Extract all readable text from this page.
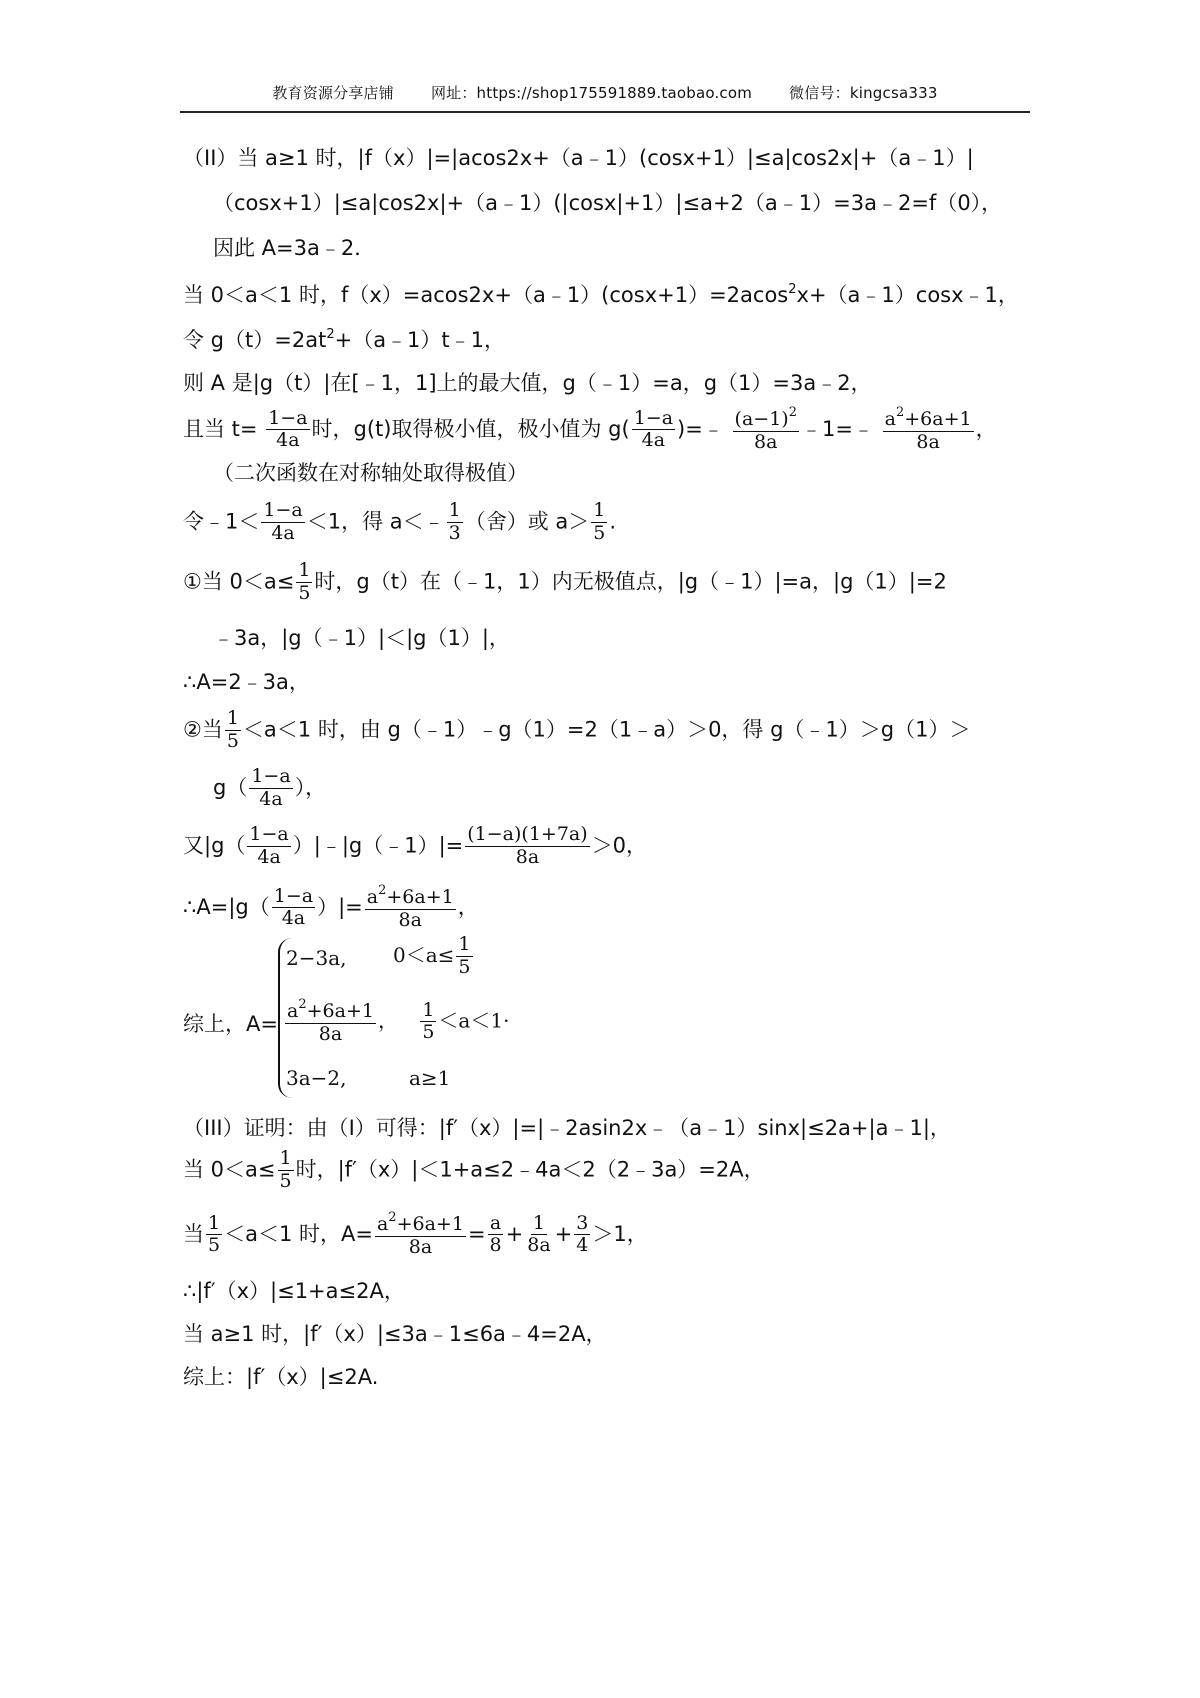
教育资源分享店铺 网址：https://shop175591889.taobao.com 微信号：kingcsa333
（II）当 a≥1 时，|f（x）|=|acos2x+（a﹣1）(cosx+1）|≤a|cos2x|+（a﹣1）|
（cosx+1）|≤a|cos2x|+（a﹣1）(|cosx|+1）|≤a+2（a﹣1）=3a﹣2=f（0），
因此 A=3a﹣2．
当 0＜a＜1 时，f（x）=acos2x+（a﹣1）(cosx+1）=2acos$^2$x+（a﹣1）cosx﹣1，
令 $g(t)=2at^2+(a﹣1)t﹣1$，
则 A 是|g（t）|在[﹣1，1]上的最大值，g（﹣1）=a，g（1）=3a﹣2，
且当 $t= \frac{1-a}{4a}$ 时，g(t)取得极小值，极小值为 $g( \frac{1-a}{4a}$ )=﹣ $\frac{(a-1)^2}{8a}$ ﹣1=﹣ $\frac{a^2+6a+1}{8a}$ ，
（二次函数在对称轴处取得极值）
令﹣1＜ $\frac{1-a}{4a} <1$，得 a＜﹣ $\frac{1}{3}$ （舍）或 $a> \frac{1}{5}$ .
①当 $0<a\le \frac{1}{5}$ 时，g（t）在（﹣1，1）内无极值点，|g（﹣1）|=a，|g（1）|=2
﹣3a，|g（﹣1）|＜|g（1）|，
∴A=2﹣3a，
②当 $\frac{1}{5} <a<1$ 时，由 g（﹣1）﹣g（1）=2（1﹣a）＞0，得 g（﹣1）＞g（1）＞
$g( \frac{1-a}{4a}$ ），
又$|g( \frac{1-a}{4a}$ ）|﹣|g（﹣1）|= $\frac{(1-a)(1+7a)}{8a} >0$，
∴A=|g（ $\frac{1-a}{4a}$ ）|= $\frac{a^2+6a+1}{8a}$ ，
综上，A=
2−3a, $0<a\le \frac{1}{5}$
$\frac{a^2+6a+1}{8a}$ ， $\frac{1}{5} <a<1\cdot$
3a−2,	a≥1
（III）证明：由（I）可得：|f′（x）|=|﹣2asin2x﹣（a﹣1）sinx|≤2a+|a﹣1|，
当 $0<a\le \frac{1}{5}$ 时，|f′（x）|＜1+a≤2﹣4a＜2（2﹣3a）=2A，
当 $\frac{1}{5} <a<1$ 时，$A= \frac{a^2+6a+1}{8a} = \frac{a}{8} + \frac{1}{8a} + \frac{3}{4} >1$，
∴|f′（x）|≤1+a≤2A，
当 a≥1 时，|f′（x）|≤3a﹣1≤6a﹣4=2A，
综上：|f′（x）|≤2A.
